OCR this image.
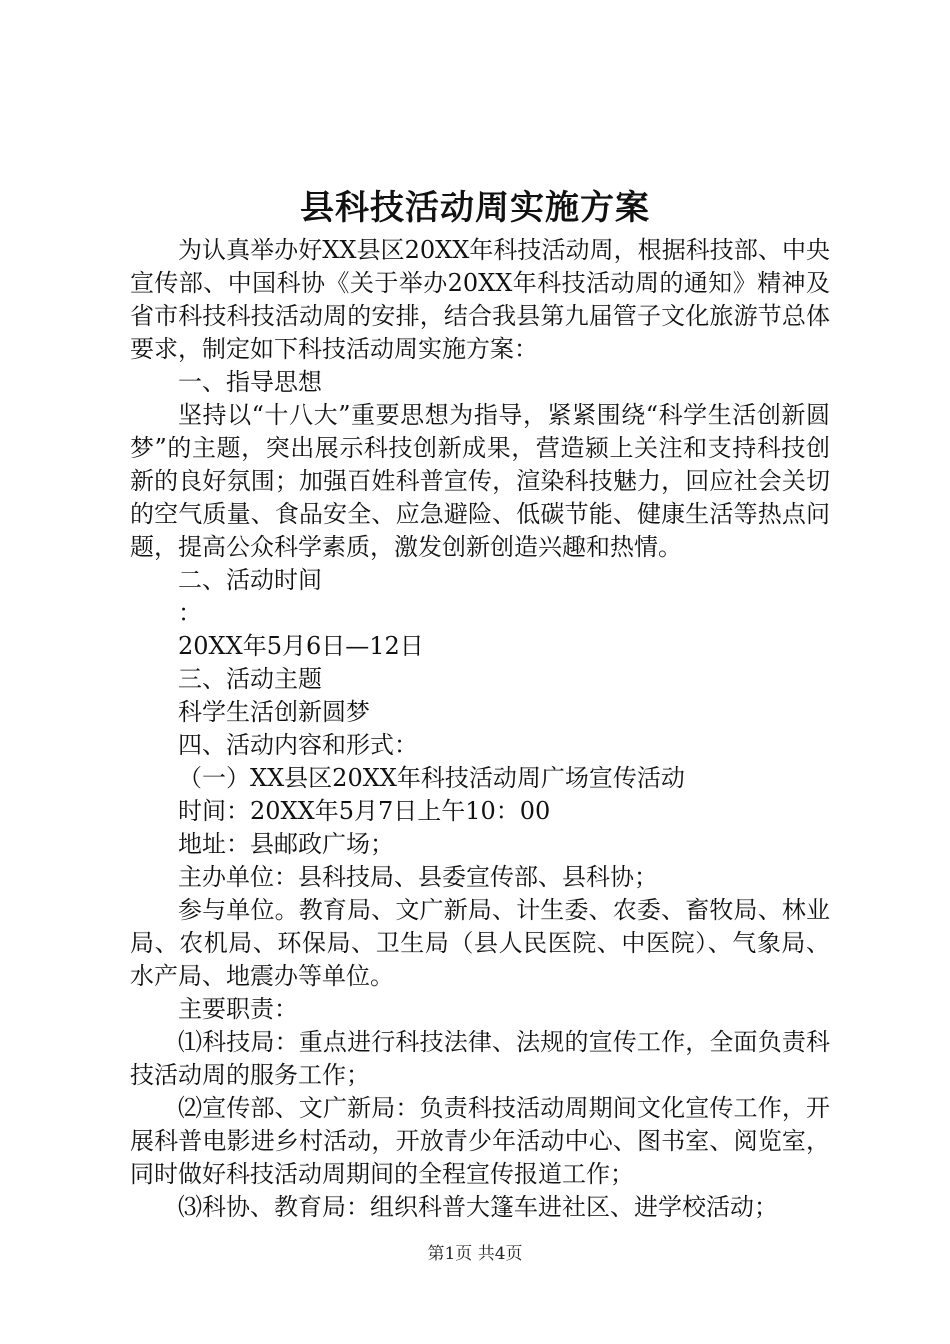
县科技活动周实施方案

为认真举办好XX县区20XX年科技活动周，根据科技部、中央宣传部、中国科协《关于举办20XX年科技活动周的通知》精神及省市科技科技活动周的安排，结合我县第九届管子文化旅游节总体要求，制定如下科技活动周实施方案：

一、指导思想

坚持以“十八大”重要思想为指导，紧紧围绕“科学生活创新圆梦”的主题，突出展示科技创新成果，营造颍上关注和支持科技创新的良好氛围；加强百姓科普宣传，渲染科技魅力，回应社会关切的空气质量、食品安全、应急避险、低碳节能、健康生活等热点问题，提高公众科学素质，激发创新创造兴趣和热情。

二、活动时间

：

20XX年5月6日—12日

三、活动主题

科学生活创新圆梦

四、活动内容和形式：

（一）XX县区20XX年科技活动周广场宣传活动

时间：20XX年5月7日上午10：00

地址：县邮政广场；

主办单位：县科技局、县委宣传部、县科协；

参与单位。教育局、文广新局、计生委、农委、畜牧局、林业局、农机局、环保局、卫生局（县人民医院、中医院）、气象局、水产局、地震办等单位。

主要职责：

⑴科技局：重点进行科技法律、法规的宣传工作，全面负责科技活动周的服务工作；

⑵宣传部、文广新局：负责科技活动周期间文化宣传工作，开展科普电影进乡村活动，开放青少年活动中心、图书室、阅览室，同时做好科技活动周期间的全程宣传报道工作；

⑶科协、教育局：组织科普大篷车进社区、进学校活动；

第1页 共4页
